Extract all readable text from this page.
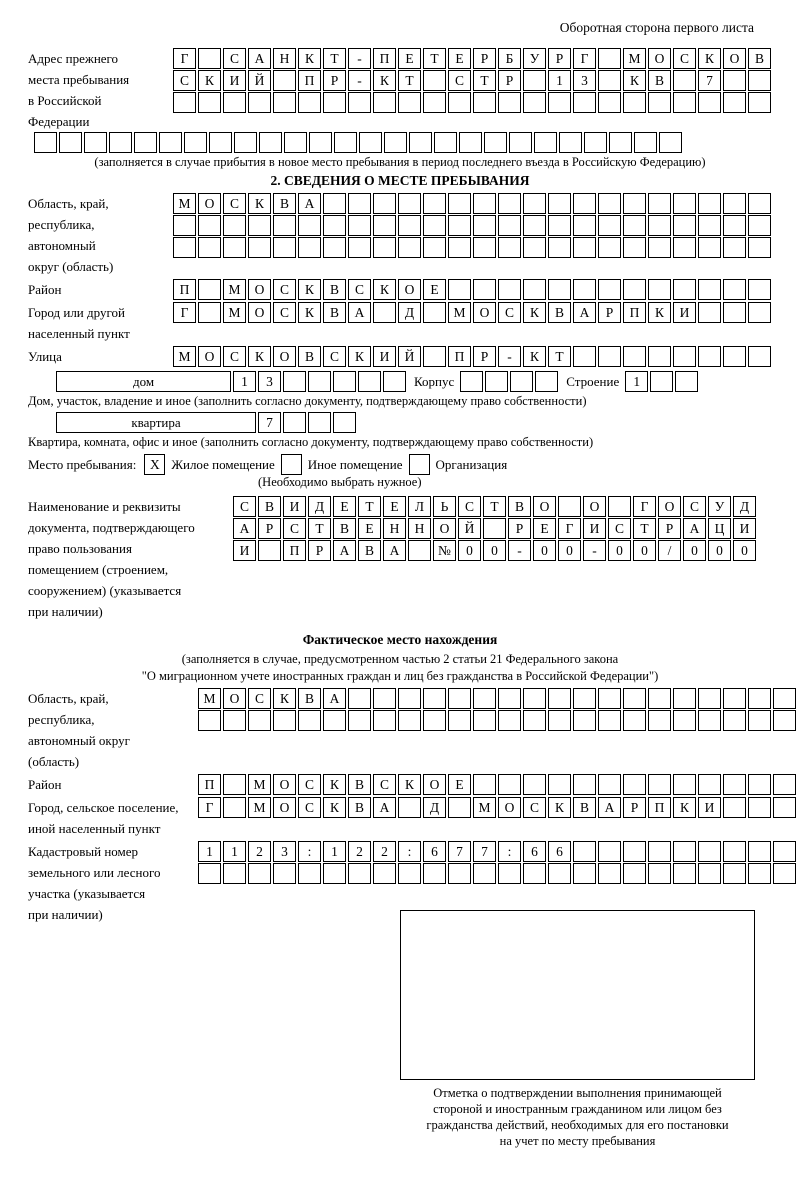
Оборотная сторона первого листа
Адрес прежнего
места пребывания
в Российской
Федерации
Г	С	А	Н	К	Т	-	П	Е	Т	Е	Р	Б	У	Р	Г	М	О	С	К	О	В
С	К	И	Й	П	Р	-	К	Т	С	Т	Р	1	3	К	В	7
(заполняется в случае прибытия в новое место пребывания в период последнего въезда в Российскую Федерацию)
2. СВЕДЕНИЯ О МЕСТЕ ПРЕБЫВАНИЯ
Область, край,
республика,
автономный
округ (область)
М	О	С	К	В	А
Район	П	М	О	С	К	В	С	К	О	Е
Город или другой
населенный пункт
Г	М	О	С	К	В	А	Д	М	О	С	К	В	А	Р	П	К	И
Улица	М	О	С	К	О	В	С	К	И	Й	П	Р	-	К	Т
дом	1	3	Корпус	Строение	1
Дом, участок, владение и иное (заполнить согласно документу, подтверждающему право собственности)
квартира	7
Квартира, комната, офис и иное (заполнить согласно документу, подтверждающему право собственности)
Место пребывания:	X Жилое помещение	Иное помещение	Организация
(Необходимо выбрать нужное)
Наименование и реквизиты
документа, подтверждающего
право пользования
помещением (строением,
сооружением) (указывается
при наличии)
С	В	И	Д	Е	Т	Е	Л	Ь	С	Т	В	О	О	Г	О	С	У	Д
А	Р	С	Т	В	Е	Н	Н	О	Й	Р	Е	Г	И	С	Т	Р	А	Ц	И
И	П	Р	А	В	А	№	0	0	-	0	0	-	0	0	/	0	0	0
Фактическое место нахождения
(заполняется в случае, предусмотренном частью 2 статьи 21 Федерального закона
"О миграционном учете иностранных граждан и лиц без гражданства в Российской Федерации")
Область, край,
республика,
автономный округ
(область)
М	О	С	К	В	А
Район	П	М	О	С	К	В	С	К	О	Е
Город, сельское поселение,
иной населенный пункт
Г	М	О	С	К	В	А	Д	М	О	С	К	В	А	Р	П	К	И
Кадастровый номер
земельного или лесного
участка (указывается
при наличии)
1	1	2	3	:	1	2	2	:	6	7	7	:	6	6
Отметка о подтверждении выполнения принимающей
стороной и иностранным гражданином или лицом без
гражданства действий, необходимых для его постановки
на учет по месту пребывания
